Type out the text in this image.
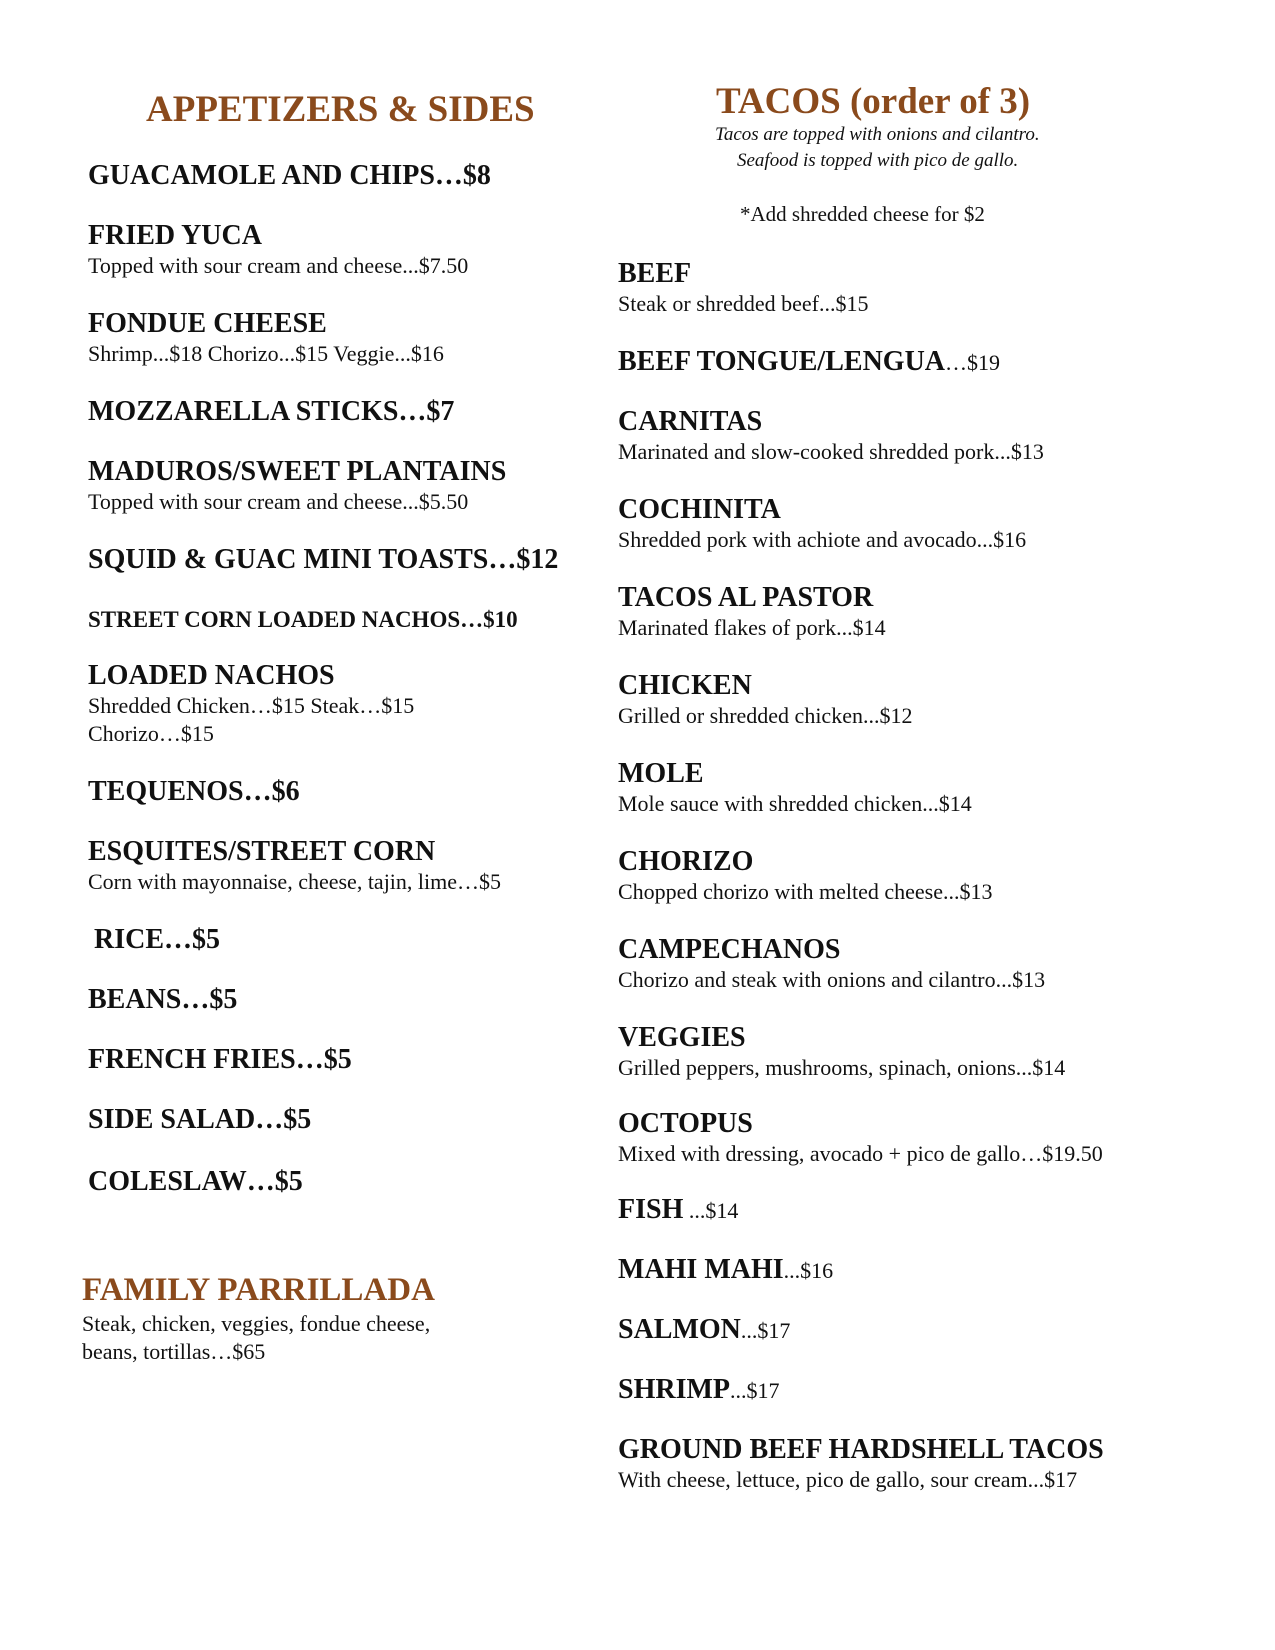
APPETIZERS & SIDES
GUACAMOLE AND CHIPS…$8
FRIED YUCA
Topped with sour cream and cheese...$7.50
FONDUE CHEESE
Shrimp...$18 Chorizo...$15 Veggie...$16
MOZZARELLA STICKS…$7
MADUROS/SWEET PLANTAINS
Topped with sour cream and cheese...$5.50
SQUID & GUAC MINI TOASTS…$12
STREET CORN LOADED NACHOS…$10
LOADED NACHOS
Shredded Chicken…$15 Steak…$15
Chorizo…$15
TEQUENOS…$6
ESQUITES/STREET CORN
Corn with mayonnaise, cheese, tajin, lime…$5
RICE…$5
BEANS…$5
FRENCH FRIES…$5
SIDE SALAD…$5
COLESLAW…$5
FAMILY PARRILLADA
Steak, chicken, veggies, fondue cheese,
beans, tortillas…$65
TACOS (order of 3)
Tacos are topped with onions and cilantro.
Seafood is topped with pico de gallo.
*Add shredded cheese for $2
BEEF
Steak or shredded beef...$15
BEEF TONGUE/LENGUA…$19
CARNITAS
Marinated and slow-cooked shredded pork...$13
COCHINITA
Shredded pork with achiote and avocado...$16
TACOS AL PASTOR
Marinated flakes of pork...$14
CHICKEN
Grilled or shredded chicken...$12
MOLE
Mole sauce with shredded chicken...$14
CHORIZO
Chopped chorizo with melted cheese...$13
CAMPECHANOS
Chorizo and steak with onions and cilantro...$13
VEGGIES
Grilled peppers, mushrooms, spinach, onions...$14
OCTOPUS
Mixed with dressing, avocado + pico de gallo…$19.50
FISH ...$14
MAHI MAHI...$16
SALMON...$17
SHRIMP...$17
GROUND BEEF HARDSHELL TACOS
With cheese, lettuce, pico de gallo, sour cream...$17
